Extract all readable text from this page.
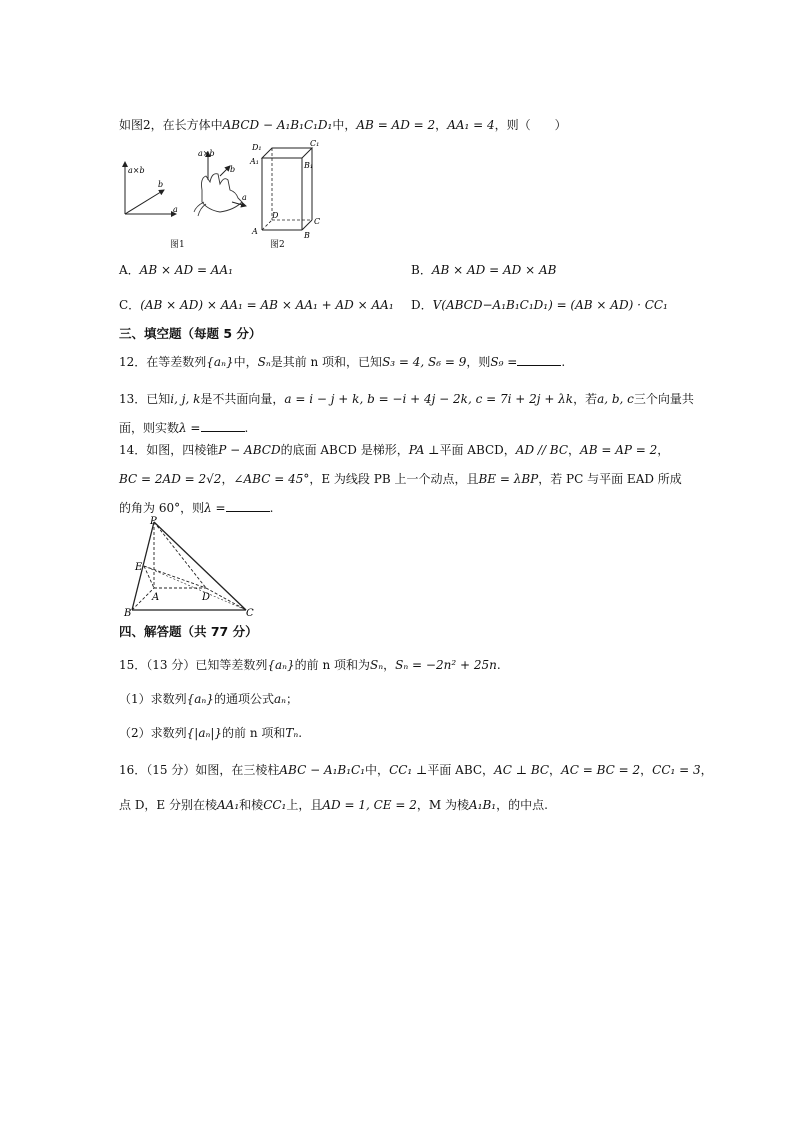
如图2，在长方体中ABCD − A₁B₁C₁D₁中，AB = AD = 2，AA₁ = 4，则（　　）
a×b
b
a
图1
a×b
b
a
D₁	C₁
A₁	B₁
D
C
A	B
图2
A．AB × AD = AA₁	B．AB × AD = AD × AB
C．(AB × AD) × AA₁ = AB × AA₁ + AD × AA₁ D．V(ABCD−A₁B₁C₁D₁) = (AB × AD) · CC₁
三、填空题（每题 5 分）
12．在等差数列{aₙ}中，Sₙ是其前 n 项和，已知S₃ = 4, S₆ = 9，则S₉ =	.
13．已知i, j, k是不共面向量，a = i − j + k, b = −i + 4j − 2k, c = 7i + 2j + λk，若a, b, c三个向量共
面，则实数λ =	.
14．如图，四棱锥P − ABCD的底面 ABCD 是梯形，PA ⊥平面 ABCD，AD // BC，AB = AP = 2，
BC = 2AD = 2√2，∠ABC = 45°，E 为线段 PB 上一个动点，且BE = λBP，若 PC 与平面 EAD 所成
的角为 60°，则λ =	.
P
E
A	D
B	C
四、解答题（共 77 分）
15．（13 分）已知等差数列{aₙ}的前 n 项和为Sₙ，Sₙ = −2n² + 25n.
（1）求数列{aₙ}的通项公式aₙ；
（2）求数列{|aₙ|}的前 n 项和Tₙ.
16．（15 分）如图，在三棱柱ABC − A₁B₁C₁中，CC₁ ⊥平面 ABC，AC ⊥ BC，AC = BC = 2，CC₁ = 3，
点 D，E 分别在棱AA₁和棱CC₁上，且AD = 1, CE = 2，M 为棱A₁B₁，的中点.
